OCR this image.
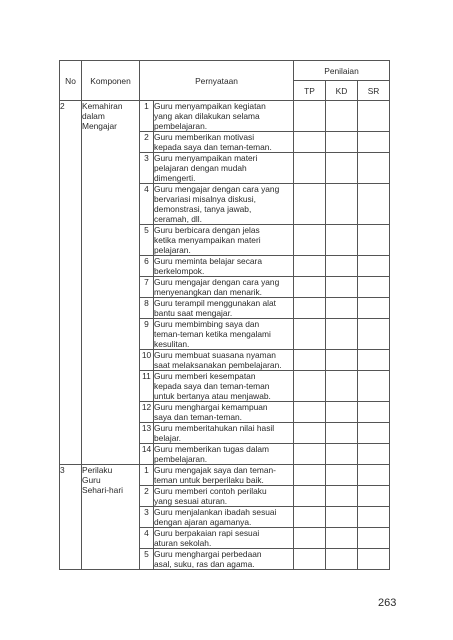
No	Komponen	Pernyataan		Penilaian		
				TP	KD	SR
2	Kemahiran
dalam
Mengajar	1	Guru menyampaikan kegiatan
yang akan dilakukan selama
pembelajaran.			
		2	Guru memberikan motivasi
kepada saya dan teman-teman.			
		3	Guru menyampaikan materi
pelajaran dengan mudah
dimengerti.			
		4	Guru mengajar dengan cara yang
bervariasi misalnya diskusi,
demonstrasi, tanya jawab,
ceramah, dll.			
		5	Guru berbicara dengan jelas
ketika menyampaikan materi
pelajaran.			
		6	Guru meminta belajar secara
berkelompok.			
		7	Guru mengajar dengan cara yang
menyenangkan dan menarik.			
		8	Guru terampil menggunakan alat
bantu saat mengajar.			
		9	Guru membimbing saya dan
teman-teman ketika mengalami
kesulitan.			
		10	Guru membuat suasana nyaman
saat melaksanakan pembelajaran.			
		11	Guru memberi kesempatan
kepada saya dan teman-teman
untuk bertanya atau menjawab.			
		12	Guru menghargai kemampuan
saya dan teman-teman.			
		13	Guru memberitahukan nilai hasil
belajar.			
		14	Guru memberikan tugas dalam
pembelajaran.			
3	Perilaku
Guru
Sehari-hari	1	Guru mengajak saya dan teman-
teman untuk berperilaku baik.			
		2	Guru memberi contoh perilaku
yang sesuai aturan.			
		3	Guru menjalankan ibadah sesuai
dengan ajaran agamanya.			
		4	Guru berpakaian rapi sesuai
aturan sekolah.			
		5	Guru menghargai perbedaan
asal, suku, ras dan agama.			
263
